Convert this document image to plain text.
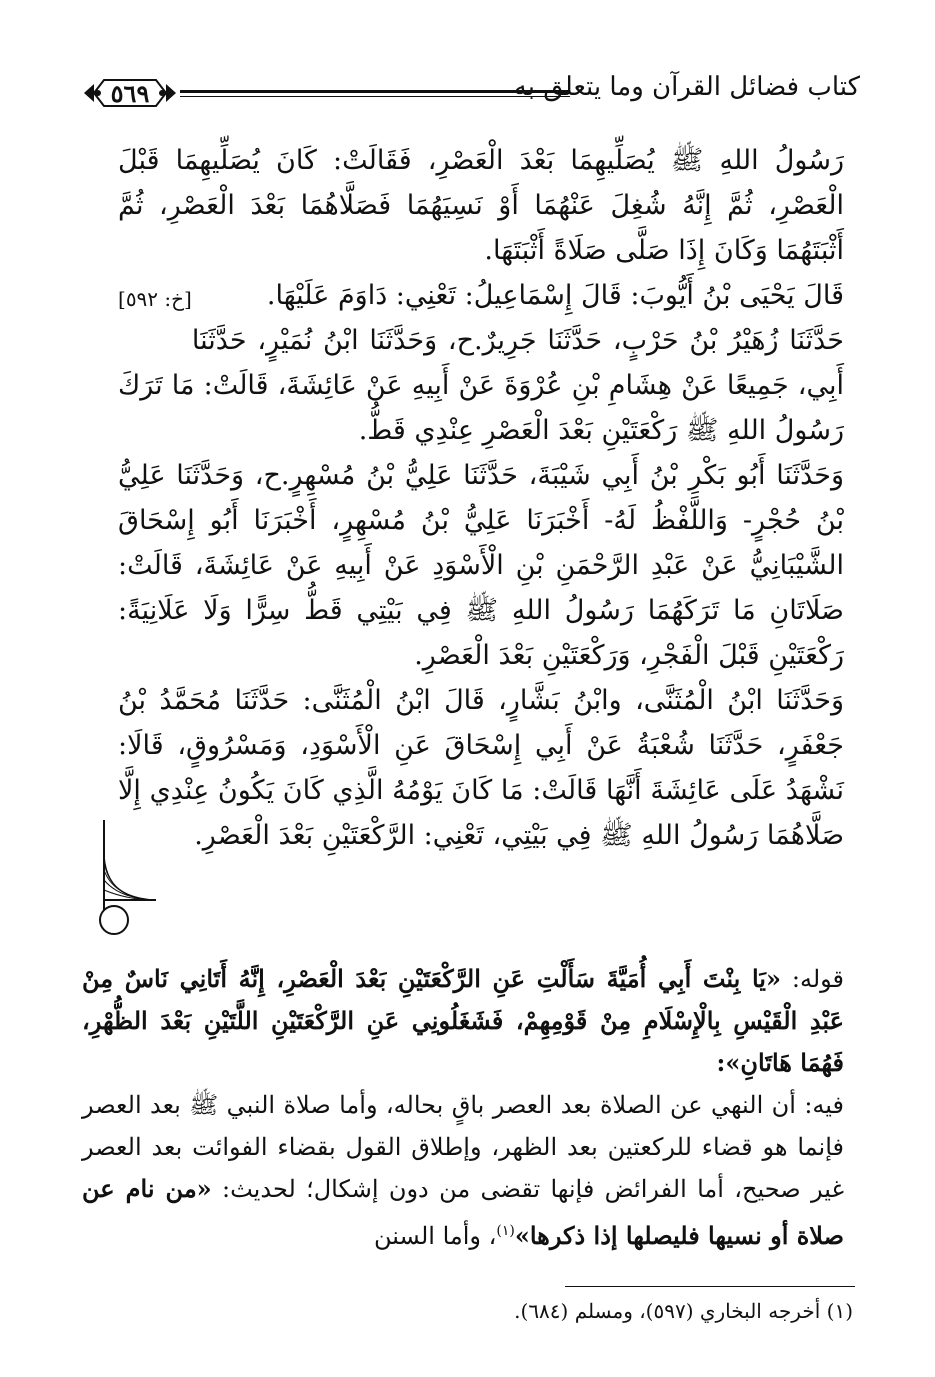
٥٦٩	كتاب فضائل القرآن وما يتعلق به

رَسُولُ اللهِ ﷺ يُصَلِّيهِمَا بَعْدَ الْعَصْرِ، فَقَالَتْ: كَانَ يُصَلِّيهِمَا قَبْلَ الْعَصْرِ، ثُمَّ إِنَّهُ شُغِلَ عَنْهُمَا أَوْ نَسِيَهُمَا فَصَلَّاهُمَا بَعْدَ الْعَصْرِ، ثُمَّ أَثْبَتَهُمَا وَكَانَ إِذَا صَلَّى صَلَاةً أَثْبَتَهَا.

قَالَ يَحْيَى بْنُ أَيُّوبَ: قَالَ إِسْمَاعِيلُ: تَعْنِي: دَاوَمَ عَلَيْهَا.
[خ: ٥٩٢]

حَدَّثَنَا زُهَيْرُ بْنُ حَرْبٍ، حَدَّثَنَا جَرِيرٌ.ح، وَحَدَّثَنَا ابْنُ نُمَيْرٍ، حَدَّثَنَا أَبِي، جَمِيعًا عَنْ هِشَامِ بْنِ عُرْوَةَ عَنْ أَبِيهِ عَنْ عَائِشَةَ، قَالَتْ: مَا تَرَكَ رَسُولُ اللهِ ﷺ رَكْعَتَيْنِ بَعْدَ الْعَصْرِ عِنْدِي قَطُّ.

وَحَدَّثَنَا أَبُو بَكْرِ بْنُ أَبِي شَيْبَةَ، حَدَّثَنَا عَلِيُّ بْنُ مُسْهِرٍ.ح، وَحَدَّثَنَا عَلِيُّ بْنُ حُجْرٍ- وَاللَّفْظُ لَهُ- أَخْبَرَنَا عَلِيُّ بْنُ مُسْهِرٍ، أَخْبَرَنَا أَبُو إِسْحَاقَ الشَّيْبَانِيُّ عَنْ عَبْدِ الرَّحْمَنِ بْنِ الْأَسْوَدِ عَنْ أَبِيهِ عَنْ عَائِشَةَ، قَالَتْ: صَلَاتَانِ مَا تَرَكَهُمَا رَسُولُ اللهِ ﷺ فِي بَيْتِي قَطُّ سِرًّا وَلَا عَلَانِيَةً: رَكْعَتَيْنِ قَبْلَ الْفَجْرِ، وَرَكْعَتَيْنِ بَعْدَ الْعَصْرِ.

وَحَدَّثَنَا ابْنُ الْمُثَنَّى، وابْنُ بَشَّارٍ، قَالَ ابْنُ الْمُثَنَّى: حَدَّثَنَا مُحَمَّدُ بْنُ جَعْفَرٍ، حَدَّثَنَا شُعْبَةُ عَنْ أَبِي إِسْحَاقَ عَنِ الْأَسْوَدِ، وَمَسْرُوقٍ، قَالَا: نَشْهَدُ عَلَى عَائِشَةَ أَنَّهَا قَالَتْ: مَا كَانَ يَوْمُهُ الَّذِي كَانَ يَكُونُ عِنْدِي إِلَّا صَلَّاهُمَا رَسُولُ اللهِ ﷺ فِي بَيْتِي، تَعْنِي: الرَّكْعَتَيْنِ بَعْدَ الْعَصْرِ.

قوله: «يَا بِنْتَ أَبِي أُمَيَّةَ سَأَلْتِ عَنِ الرَّكْعَتَيْنِ بَعْدَ الْعَصْرِ، إِنَّهُ أَتَانِي نَاسٌ مِنْ عَبْدِ الْقَيْسِ بِالْإِسْلَامِ مِنْ قَوْمِهِمْ، فَشَغَلُونِي عَنِ الرَّكْعَتَيْنِ اللَّتَيْنِ بَعْدَ الظُّهْرِ، فَهُمَا هَاتَانِ»:

فيه: أن النهي عن الصلاة بعد العصر باقٍ بحاله، وأما صلاة النبي ﷺ بعد العصر فإنما هو قضاء للركعتين بعد الظهر، وإطلاق القول بقضاء الفوائت بعد العصر غير صحيح، أما الفرائض فإنها تقضى من دون إشكال؛ لحديث: «من نام عن صلاة أو نسيها فليصلها إذا ذكرها»$^{(١)}$، وأما السنن

(١) أخرجه البخاري (٥٩٧)، ومسلم (٦٨٤).
